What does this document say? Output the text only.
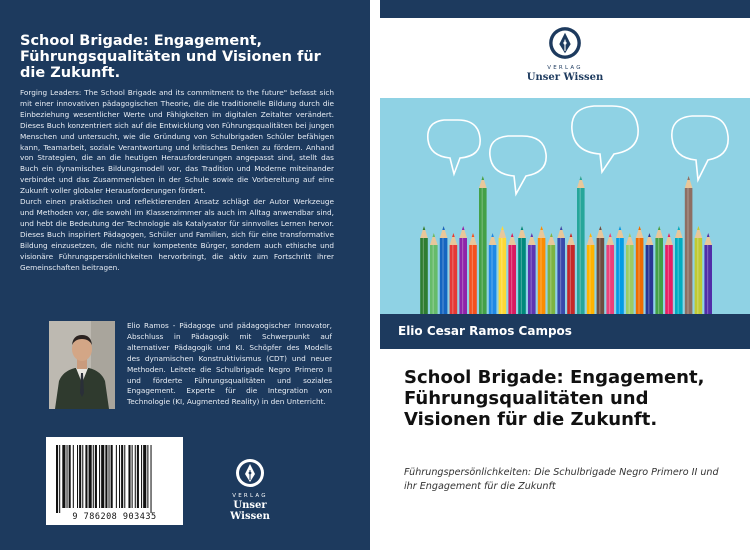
School Brigade: Engagement, Führungsqualitäten und Visionen für die Zukunft.

Forging Leaders: The School Brigade and its commitment to the future" befasst sich mit einer innovativen pädagogischen Theorie, die die traditionelle Bildung durch die Einbeziehung wesentlicher Werte und Fähigkeiten im digitalen Zeitalter verändert. Dieses Buch konzentriert sich auf die Entwicklung von Führungsqualitäten bei jungen Menschen und untersucht, wie die Gründung von Schulbrigaden Schüler befähigen kann, Teamarbeit, soziale Verantwortung und kritisches Denken zu fördern. Anhand von Strategien, die an die heutigen Herausforderungen angepasst sind, stellt das Buch ein dynamisches Bildungsmodell vor, das Tradition und Moderne miteinander verbindet und das Zusammenleben in der Schule sowie die Vorbereitung auf eine Zukunft voller globaler Herausforderungen fördert.

Durch einen praktischen und reflektierenden Ansatz schlägt der Autor Werkzeuge und Methoden vor, die sowohl im Klassenzimmer als auch im Alltag anwendbar sind, und hebt die Bedeutung der Technologie als Katalysator für sinnvolles Lernen hervor. Dieses Buch inspiriert Pädagogen, Schüler und Familien, sich für eine transformative Bildung einzusetzen, die nicht nur kompetente Bürger, sondern auch ethische und visionäre Führungspersönlichkeiten hervorbringt, die aktiv zum Fortschritt ihrer Gemeinschaften beitragen.

Elio Ramos - Pädagoge und pädagogischer Innovator, Abschluss in Pädagogik mit Schwerpunkt auf alternativer Pädagogik und KI. Schöpfer des Modells des dynamischen Konstruktivismus (CDT) und neuer Methoden. Leitete die Schulbrigade Negro Primero II und förderte Führungsqualitäten und soziales Engagement. Experte für die Integration von Technologie (KI, Augmented Reality) in den Unterricht.
9 786208 903435
VERLAG
Unser Wissen
VERLAG
Unser Wissen
Elio Cesar Ramos Campos
School Brigade: Engagement, Führungsqualitäten und Visionen für die Zukunft.
Führungspersönlichkeiten: Die Schulbrigade Negro Primero II und ihr Engagement für die Zukunft
